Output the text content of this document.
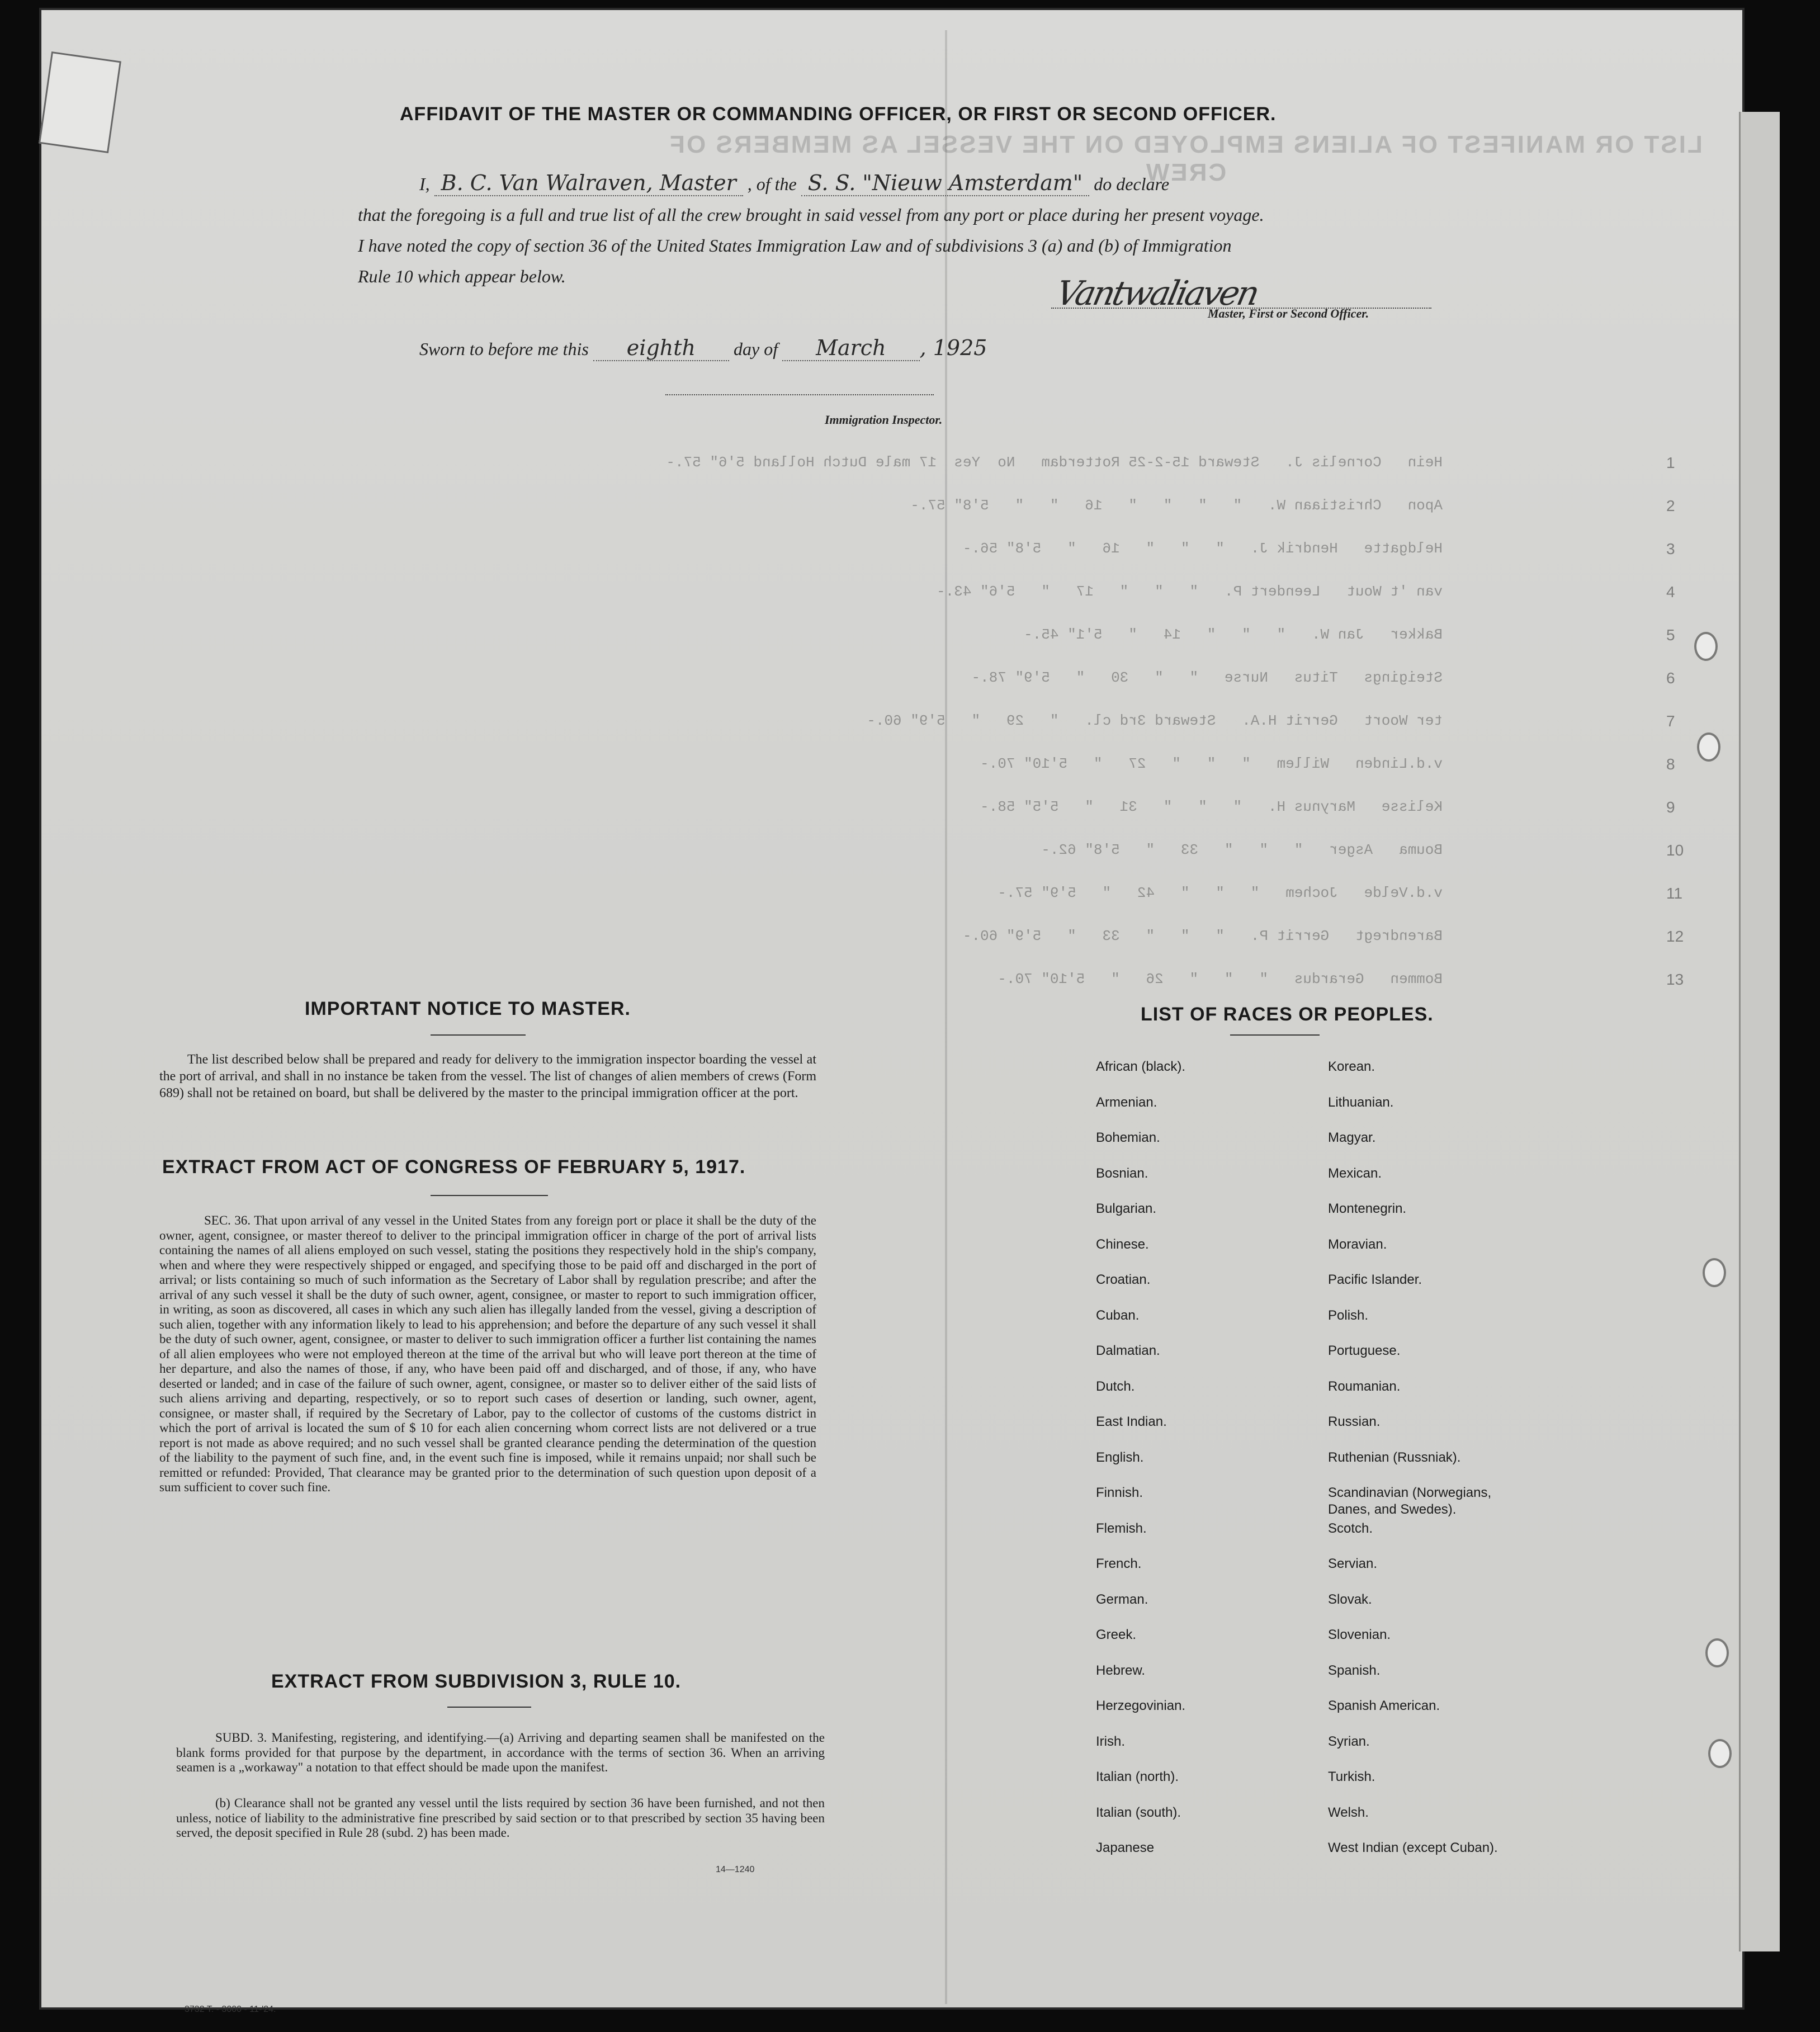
LIST OR MANIFEST OF ALIENS EMPLOYED ON THE VESSEL AS MEMBERS OF CREW
Hein   Cornelis J.   Steward 15-2-25 Rotterdam   No  Yes  17 male Dutch Holland 5'6" 57.-	1
Apon   Christiaan W.   "   "   "   "   16   "   "   5'8" 57.-	2
Heldgatte   Hendrik J.   "   "   "   16   "   5'8" 56.-	3
van 't Wout   Leendert P.   "   "   "   17   "   5'6" 43.-	4
Bakker   Jan W.   "   "   "   14   "   5'1" 45.-	5
Steigings   Titus   Nurse   "   "   30   "   5'9" 78.-	6
ter Woort   Gerrit H.A.   Steward 3rd cl.   "   29   "   5'9" 60.-	7
v.d.Linden   Willem   "   "   "   27   "   5'10" 70.-	8
Kelisse   Marynus H.   "   "   "   31   "   5'5" 58.-	9
Bouma   Asger   "   "   "   33   "   5'8" 62.-	10
v.d.Velde   Jochem   "   "   "   42   "   5'9" 57.-	11
Barendregt   Gerrit P.   "   "   "   33   "   5'9" 60.-	12
Bommen   Gerardus   "   "   "   26   "   5'10" 70.-	13
AFFIDAVIT OF THE MASTER OR COMMANDING OFFICER, OR FIRST OR SECOND OFFICER.
I, B. C. Van Walraven, Master , of the S. S. "Nieuw Amsterdam" do declare
that the foregoing is a full and true list of all the crew brought in said vessel from any port or place during her present voyage.
I have noted the copy of section 36 of the United States Immigration Law and of subdivisions 3 (a) and (b) of Immigration
Rule 10 which appear below.	Vantwaliaven
Master, First or Second Officer.
Sworn to before me this eighth day of March , 1925
Immigration Inspector.
IMPORTANT NOTICE TO MASTER.
The list described below shall be prepared and ready for delivery to the immigration inspector boarding the vessel at the port of arrival, and shall in no instance be taken from the vessel. The list of changes of alien members of crews (Form 689) shall not be retained on board, but shall be delivered by the master to the principal immigration officer at the port.
EXTRACT FROM ACT OF CONGRESS OF FEBRUARY 5, 1917.
SEC. 36. That upon arrival of any vessel in the United States from any foreign port or place it shall be the duty of the owner, agent, consignee, or master thereof to deliver to the principal immigration officer in charge of the port of arrival lists containing the names of all aliens employed on such vessel, stating the positions they respectively hold in the ship's company, when and where they were respectively shipped or engaged, and specifying those to be paid off and discharged in the port of arrival; or lists containing so much of such information as the Secretary of Labor shall by regulation prescribe; and after the arrival of any such vessel it shall be the duty of such owner, agent, consignee, or master to report to such immigration officer, in writing, as soon as discovered, all cases in which any such alien has illegally landed from the vessel, giving a description of such alien, together with any information likely to lead to his apprehension; and before the departure of any such vessel it shall be the duty of such owner, agent, consignee, or master to deliver to such immigration officer a further list containing the names of all alien employees who were not employed thereon at the time of the arrival but who will leave port thereon at the time of her departure, and also the names of those, if any, who have been paid off and discharged, and of those, if any, who have deserted or landed; and in case of the failure of such owner, agent, consignee, or master so to deliver either of the said lists of such aliens arriving and departing, respectively, or so to report such cases of desertion or landing, such owner, agent, consignee, or master shall, if required by the Secretary of Labor, pay to the collector of customs of the customs district in which the port of arrival is located the sum of $ 10 for each alien concerning whom correct lists are not delivered or a true report is not made as above required; and no such vessel shall be granted clearance pending the determination of the question of the liability to the payment of such fine, and, in the event such fine is imposed, while it remains unpaid; nor shall such be remitted or refunded: Provided, That clearance may be granted prior to the determination of such question upon deposit of a sum sufficient to cover such fine.
EXTRACT FROM SUBDIVISION 3, RULE 10.
SUBD. 3. Manifesting, registering, and identifying.—(a) Arriving and departing seamen shall be manifested on the blank forms provided for that purpose by the department, in accordance with the terms of section 36. When an arriving seamen is a „workaway" a notation to that effect should be made upon the manifest.
(b) Clearance shall not be granted any vessel until the lists required by section 36 have been furnished, and not then unless, notice of liability to the administrative fine prescribed by said section or to that prescribed by section 35 having been served, the deposit specified in Rule 28 (subd. 2) has been made.
LIST OF RACES OR PEOPLES.
African (black).
Armenian.
Bohemian.
Bosnian.
Bulgarian.
Chinese.
Croatian.
Cuban.
Dalmatian.
Dutch.
East Indian.
English.
Finnish.
Flemish.
French.
German.
Greek.
Hebrew.
Herzegovinian.
Irish.
Italian (north).
Italian (south).
Japanese
Korean.
Lithuanian.
Magyar.
Mexican.
Montenegrin.
Moravian.
Pacific Islander.
Polish.
Portuguese.
Roumanian.
Russian.
Ruthenian (Russniak).
Scandinavian (Norwegians, Danes, and Swedes).
Scotch.
Servian.
Slovak.
Slovenian.
Spanish.
Spanish American.
Syrian.
Turkish.
Welsh.
West Indian (except Cuban).
14—1240
3732 T. - 3000 - 11-'24.
